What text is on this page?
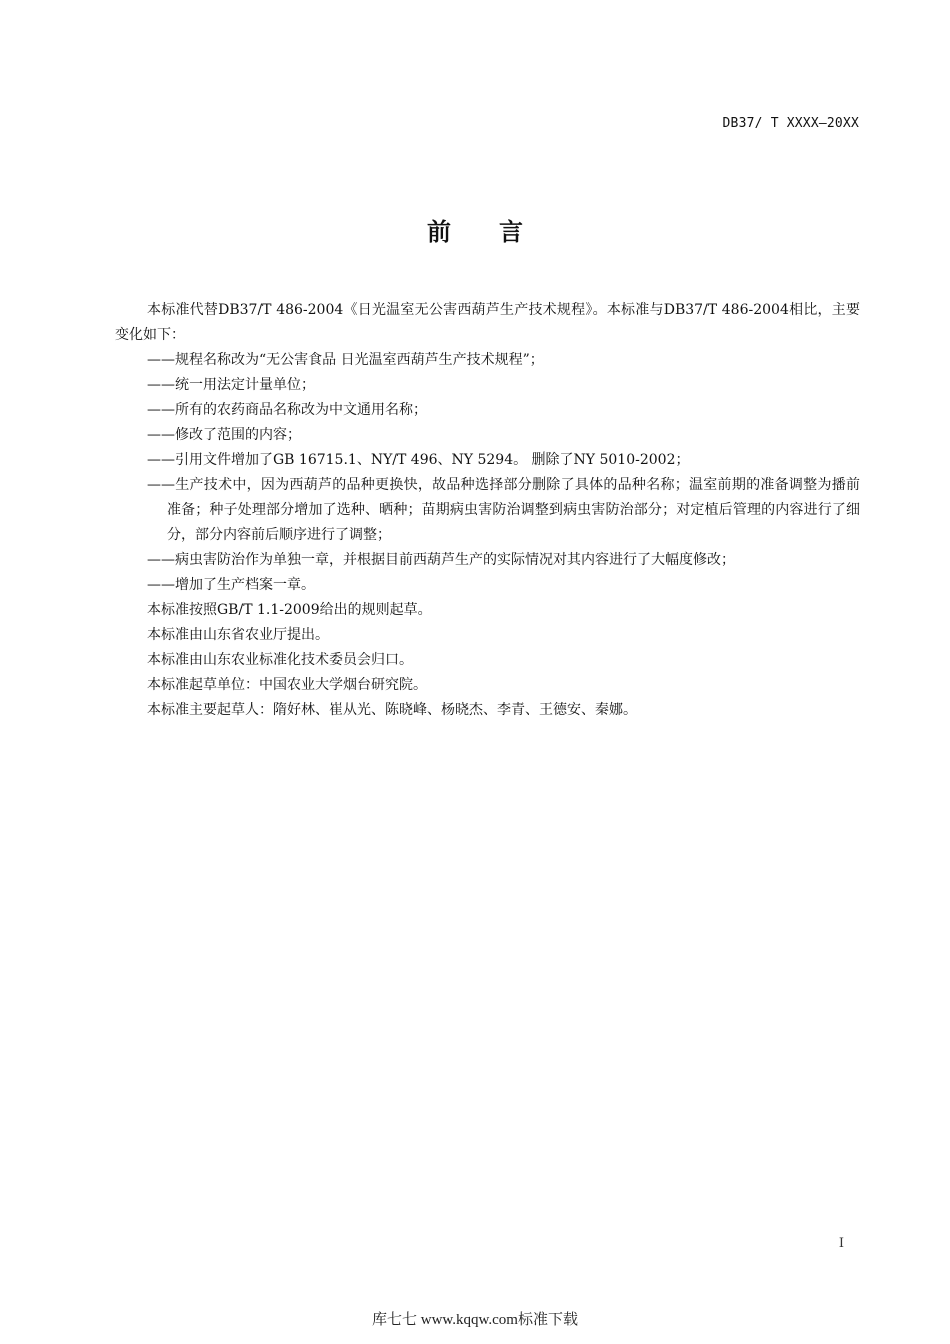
DB37/ T XXXX—20XX
前言

本标准代替DB37/T 486-2004《日光温室无公害西葫芦生产技术规程》。本标准与DB37/T 486-2004相比，主要变化如下：

——规程名称改为“无公害食品 日光温室西葫芦生产技术规程”；

——统一用法定计量单位；

——所有的农药商品名称改为中文通用名称；

——修改了范围的内容；

——引用文件增加了GB 16715.1、NY/T 496、NY 5294。 删除了NY 5010-2002；

——生产技术中，因为西葫芦的品种更换快，故品种选择部分删除了具体的品种名称；温室前期的准备调整为播前准备；种子处理部分增加了选种、晒种；苗期病虫害防治调整到病虫害防治部分；对定植后管理的内容进行了细分，部分内容前后顺序进行了调整；

——病虫害防治作为单独一章，并根据目前西葫芦生产的实际情况对其内容进行了大幅度修改；

——增加了生产档案一章。

本标准按照GB/T 1.1-2009给出的规则起草。

本标准由山东省农业厅提出。

本标准由山东农业标准化技术委员会归口。

本标准起草单位：中国农业大学烟台研究院。

本标准主要起草人：隋好林、崔从光、陈晓峰、杨晓杰、李青、王德安、秦娜。

I
库七七 www.kqqw.com标准下载
